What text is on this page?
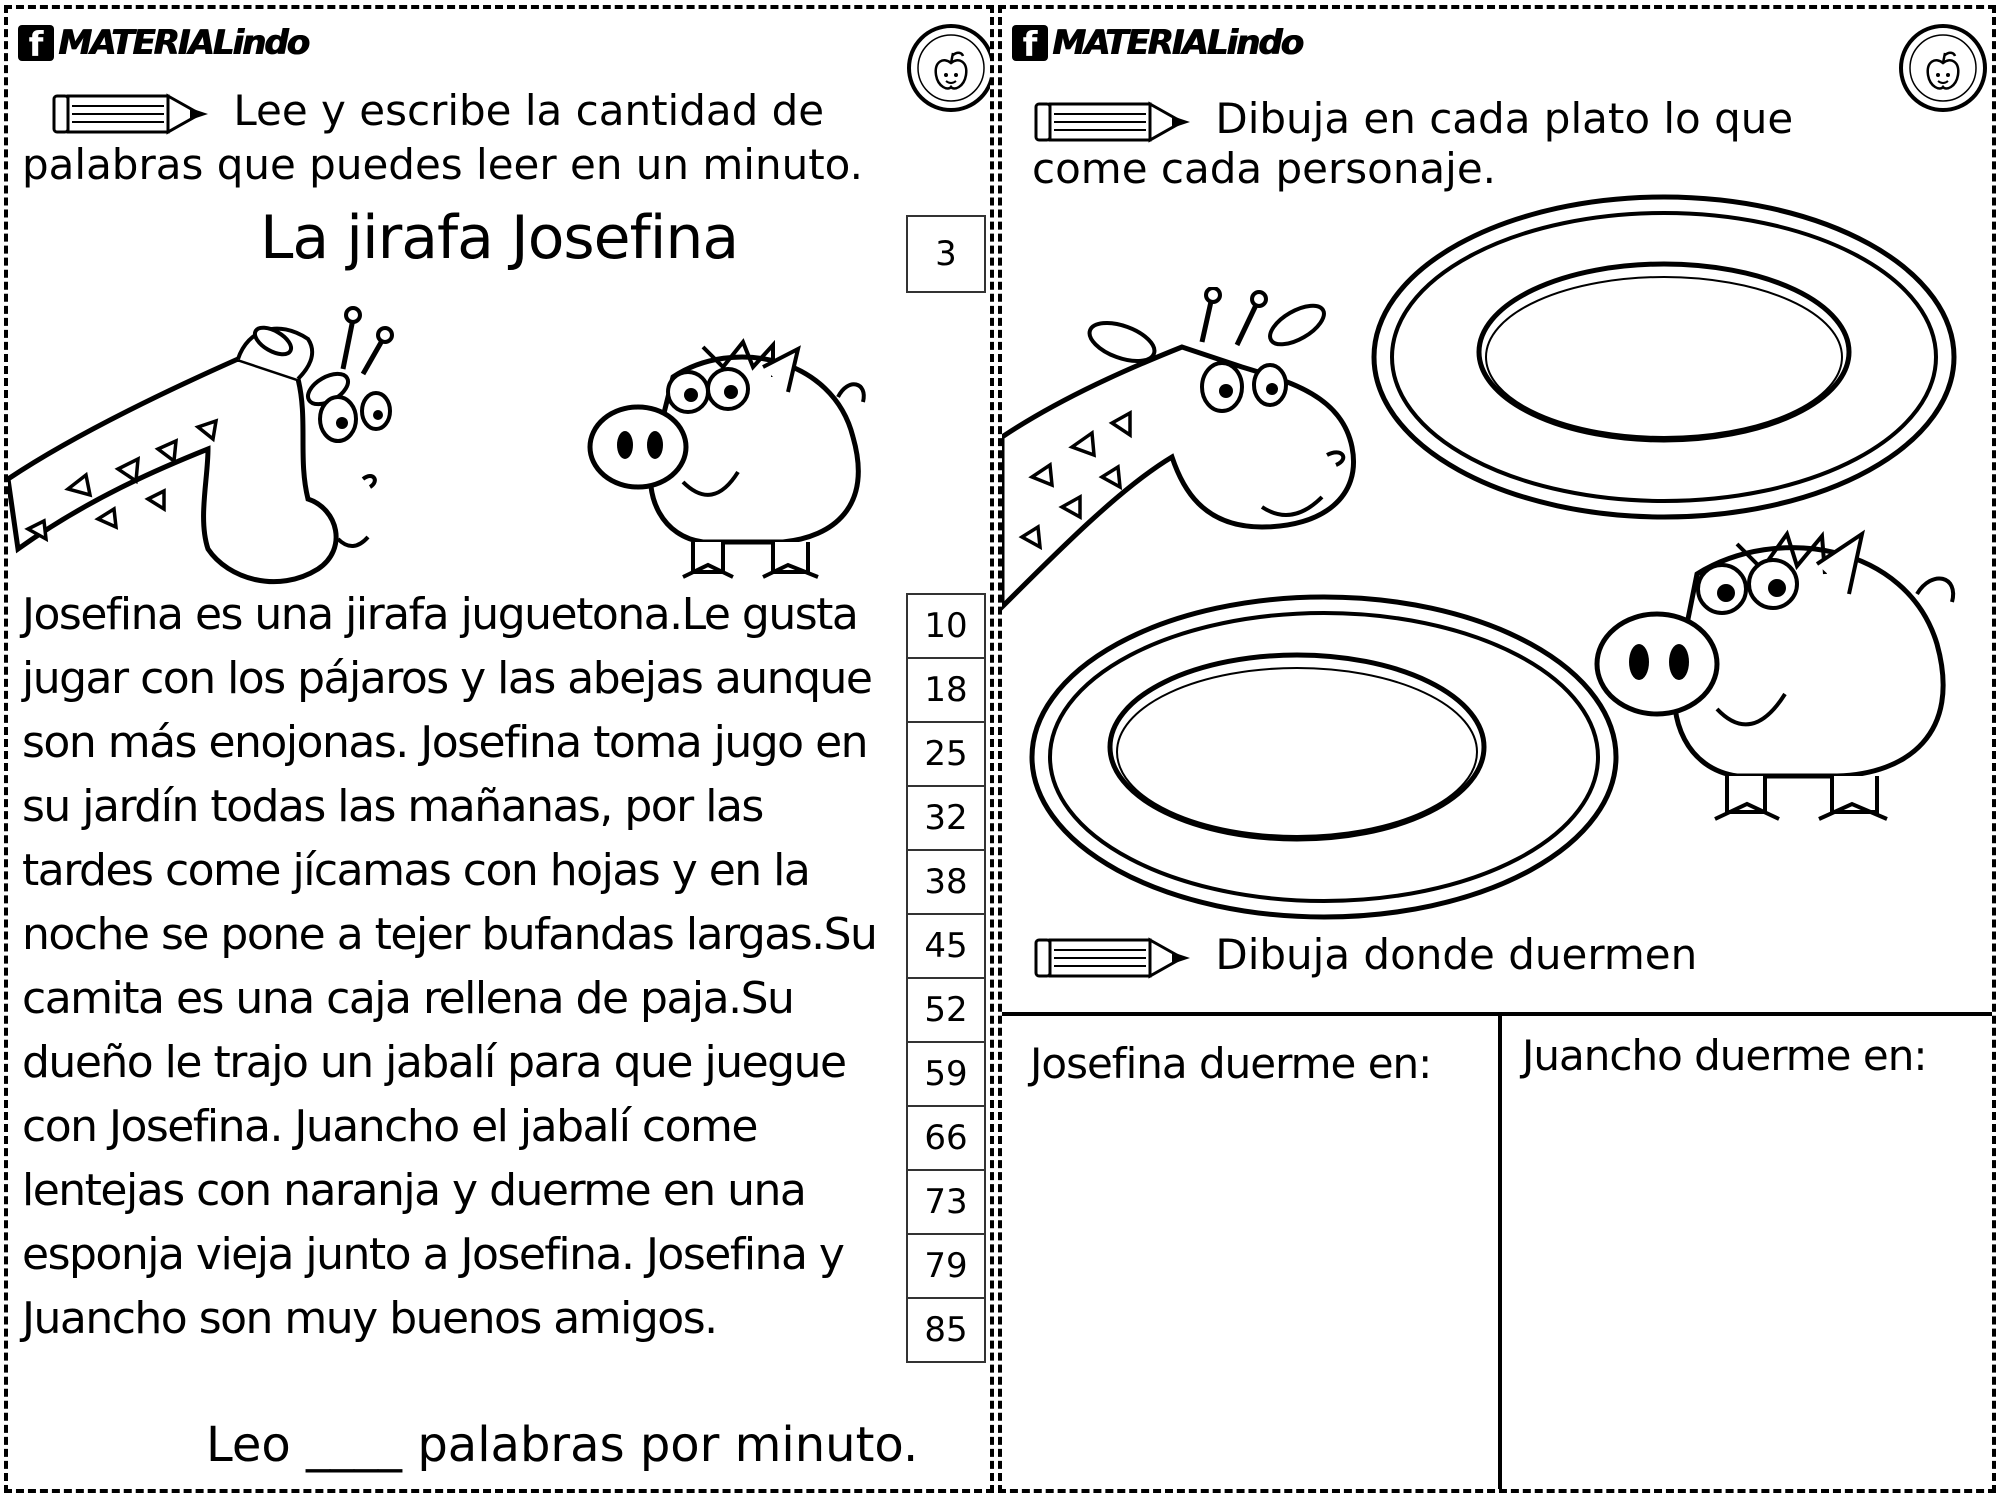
f MATERIALindo
Lee y escribe la cantidad de
palabras que puedes leer en un minuto.
La jirafa Josefina	3
Josefina es una jirafa juguetona.Le gusta
jugar con los pájaros y las abejas aunque
son más enojonas. Josefina toma jugo en
su jardín todas las mañanas, por las
tardes come jícamas con hojas y en la
noche se pone a tejer bufandas largas.Su
camita es una caja rellena de paja.Su
dueño le trajo un jabalí para que juegue
con Josefina. Juancho el jabalí come
lentejas con naranja y duerme en una
esponja vieja junto a Josefina. Josefina y
Juancho son muy buenos amigos.
10
18
25
32
38
45
52
59
66
73
79
85
Leo ____ palabras por minuto.
f MATERIALindo
Dibuja en cada plato lo que
come cada personaje.
Dibuja donde duermen
Josefina duerme en: Juancho duerme en:
